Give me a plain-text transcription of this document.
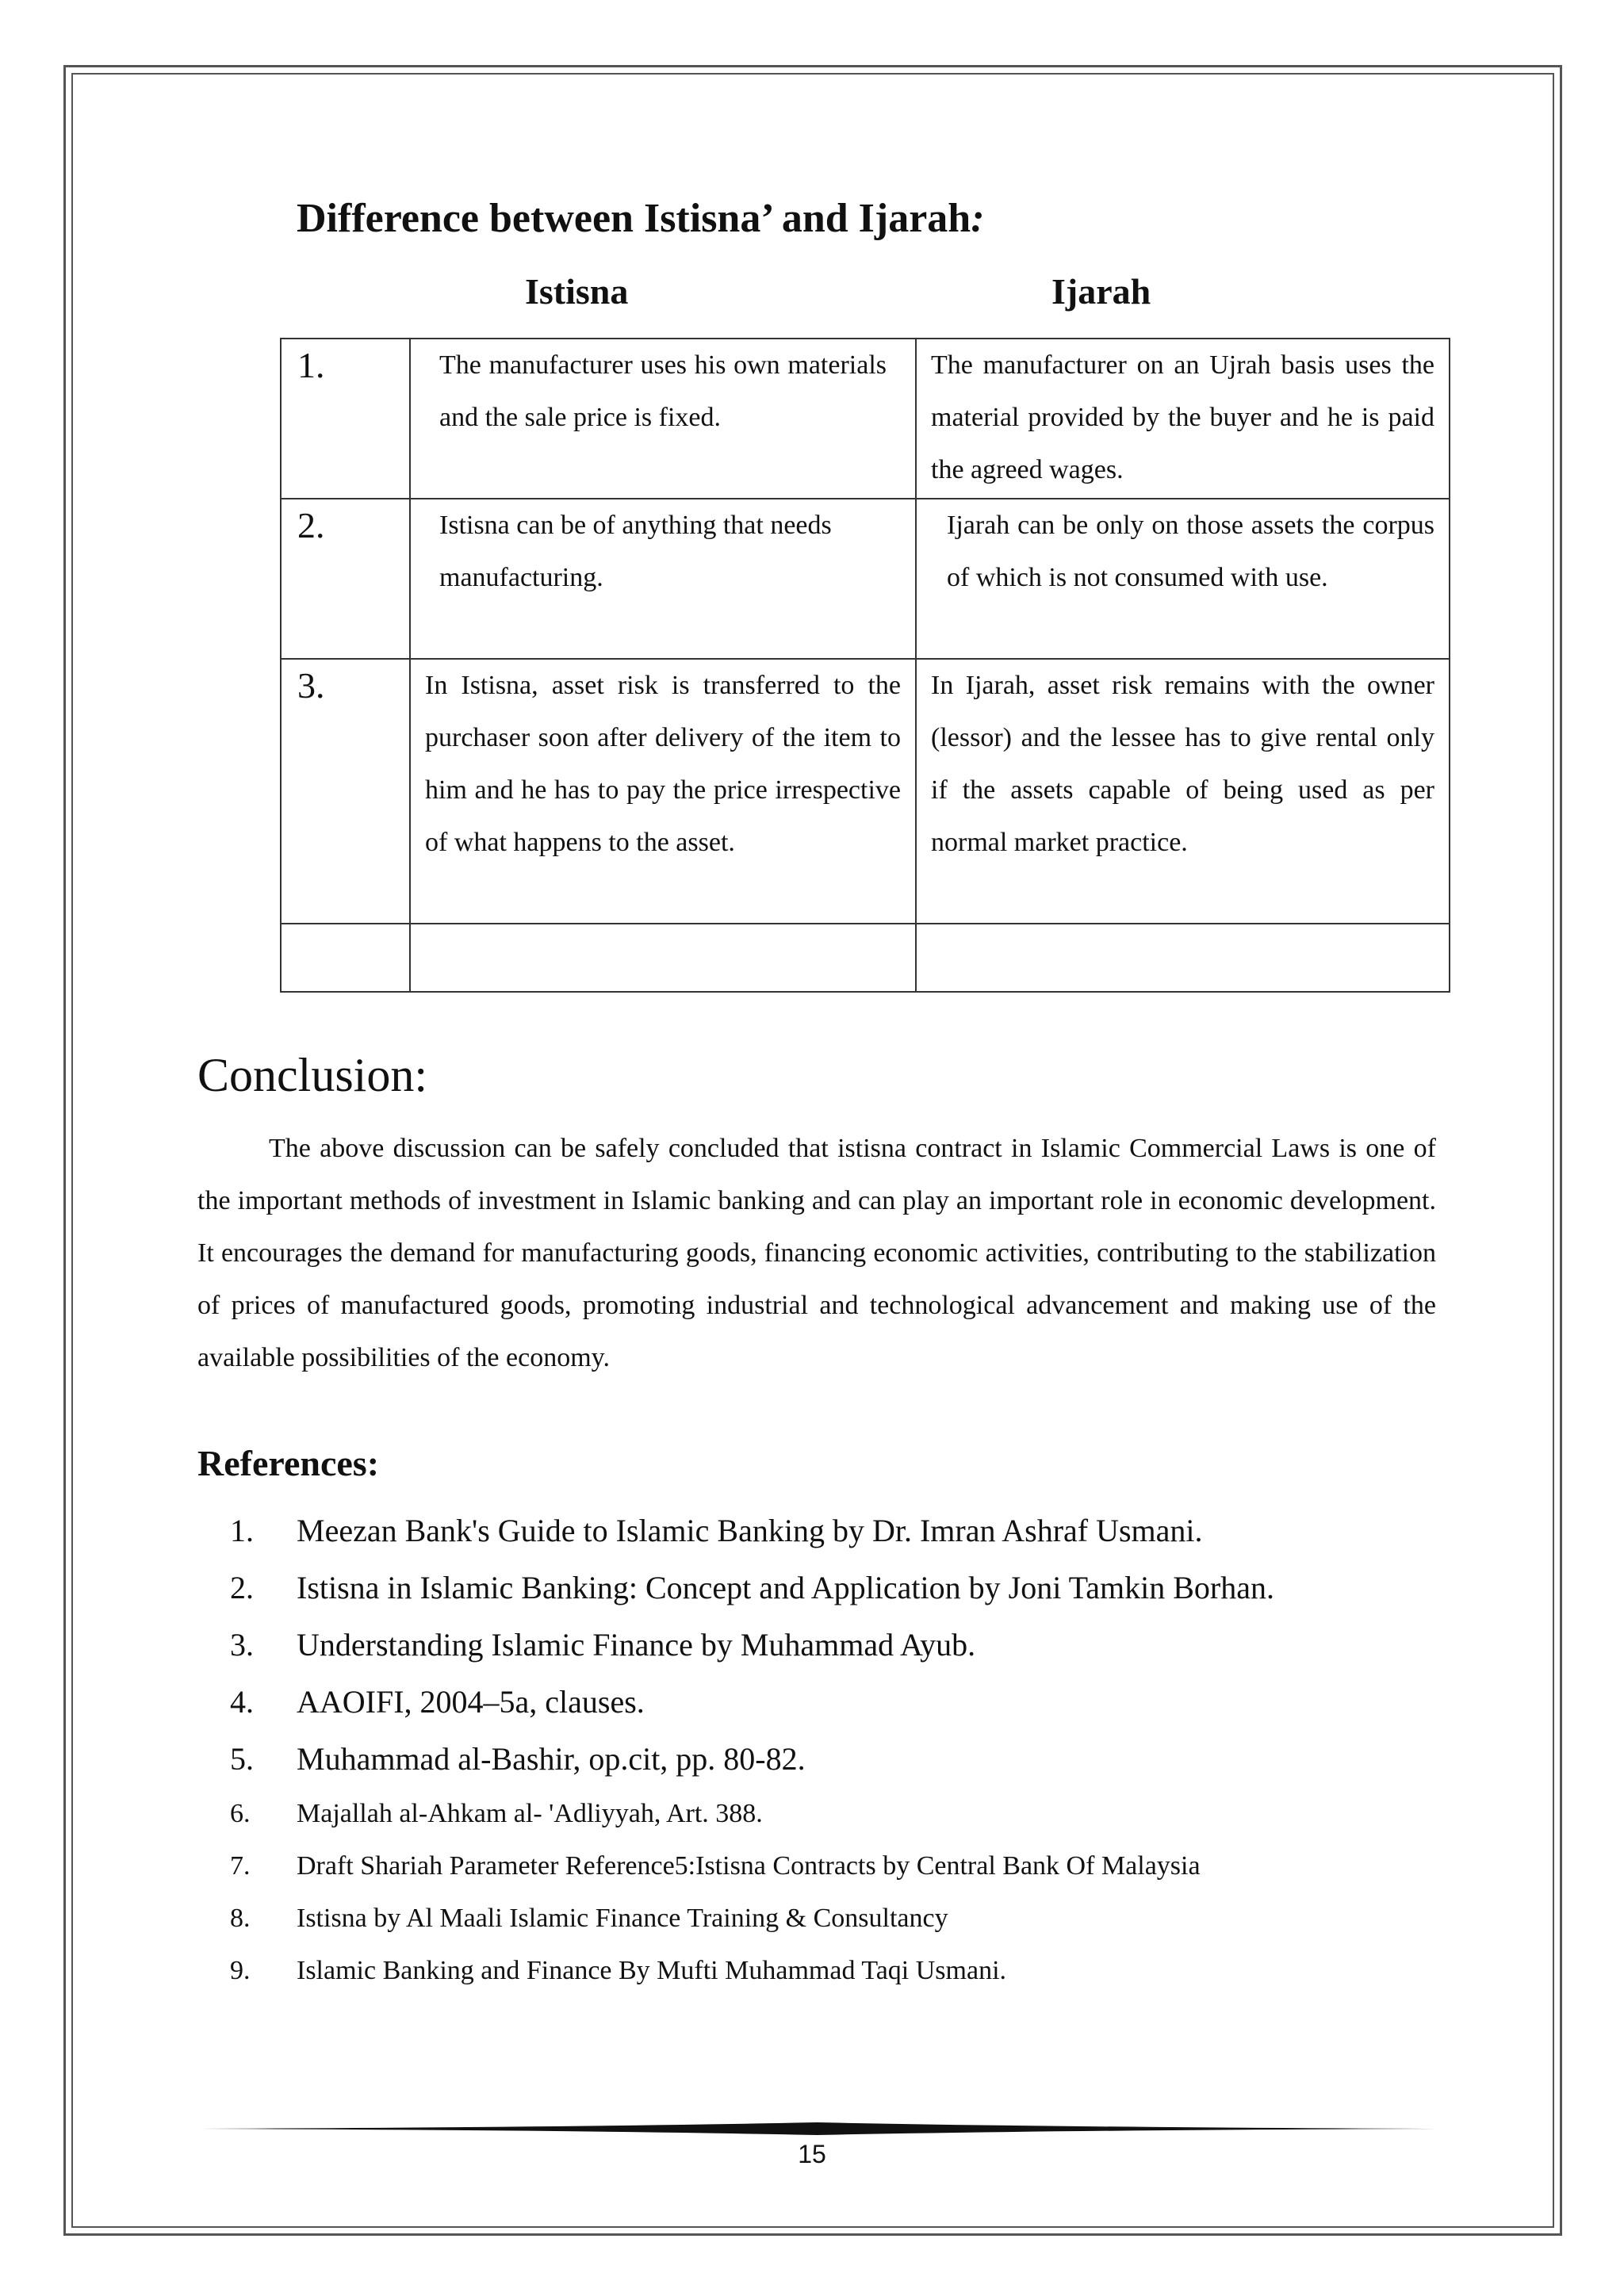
Difference between Istisna’ and Ijarah:
Istisna	Ijarah
1.	The manufacturer uses his own materials and the sale price is fixed.	The manufacturer on an Ujrah basis uses the material provided by the buyer and he is paid the agreed wages.
2.	Istisna can be of anything that needs manufacturing.	Ijarah can be only on those assets the corpus of which is not consumed with use.
3.	In Istisna, asset risk is transferred to the purchaser soon after delivery of the item to him and he has to pay the price irrespective of what happens to the asset.	In Ijarah, asset risk remains with the owner (lessor) and the lessee has to give rental only if the assets capable of being used as per normal market practice.

Conclusion:

The above discussion can be safely concluded that istisna contract in Islamic Commercial Laws is one of the important methods of investment in Islamic banking and can play an important role in economic development. It encourages the demand for manufacturing goods, financing economic activities, contributing to the stabilization of prices of manufactured goods, promoting industrial and technological advancement and making use of the available possibilities of the economy.

References:
1.	Meezan Bank's Guide to Islamic Banking by Dr. Imran Ashraf Usmani.
2.	Istisna in Islamic Banking: Concept and Application by Joni Tamkin Borhan.
3.	Understanding Islamic Finance by Muhammad Ayub.
4.	AAOIFI, 2004–5a, clauses.
5.	Muhammad al-Bashir, op.cit, pp. 80-82.
6.	Majallah al-Ahkam al- 'Adliyyah, Art. 388.
7.	Draft Shariah Parameter Reference5:Istisna Contracts by Central Bank Of Malaysia
8.	Istisna by Al Maali Islamic Finance Training & Consultancy
9.	Islamic Banking and Finance By Mufti Muhammad Taqi Usmani.
15
